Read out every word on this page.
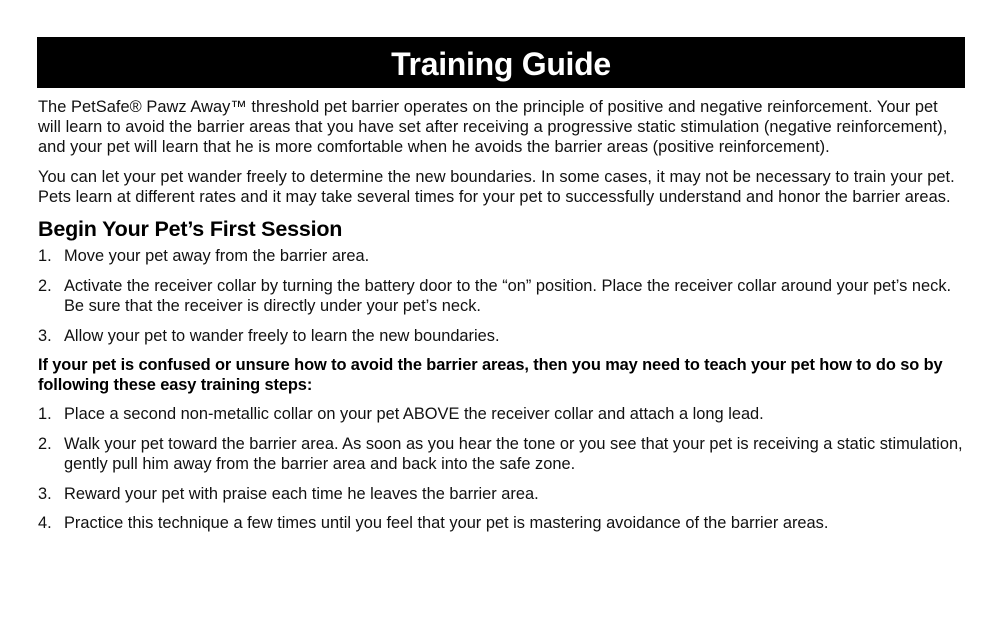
Training Guide

The PetSafe® Pawz Away™ threshold pet barrier operates on the principle of positive and negative reinforcement. Your pet will learn to avoid the barrier areas that you have set after receiving a progressive static stimulation (negative reinforcement), and your pet will learn that he is more comfortable when he avoids the barrier areas (positive reinforcement).

You can let your pet wander freely to determine the new boundaries. In some cases, it may not be necessary to train your pet. Pets learn at different rates and it may take several times for your pet to successfully understand and honor the barrier areas.

Begin Your Pet’s First Session
1. Move your pet away from the barrier area.
2. Activate the receiver collar by turning the battery door to the “on” position. Place the receiver collar around your pet’s neck. Be sure that the receiver is directly under your pet’s neck.
3. Allow your pet to wander freely to learn the new boundaries.

If your pet is confused or unsure how to avoid the barrier areas, then you may need to teach your pet how to do so by following these easy training steps:

1. Place a second non-metallic collar on your pet ABOVE the receiver collar and attach a long lead.
2. Walk your pet toward the barrier area. As soon as you hear the tone or you see that your pet is receiving a static stimulation, gently pull him away from the barrier area and back into the safe zone.
3. Reward your pet with praise each time he leaves the barrier area.
4. Practice this technique a few times until you feel that your pet is mastering avoidance of the barrier areas.
